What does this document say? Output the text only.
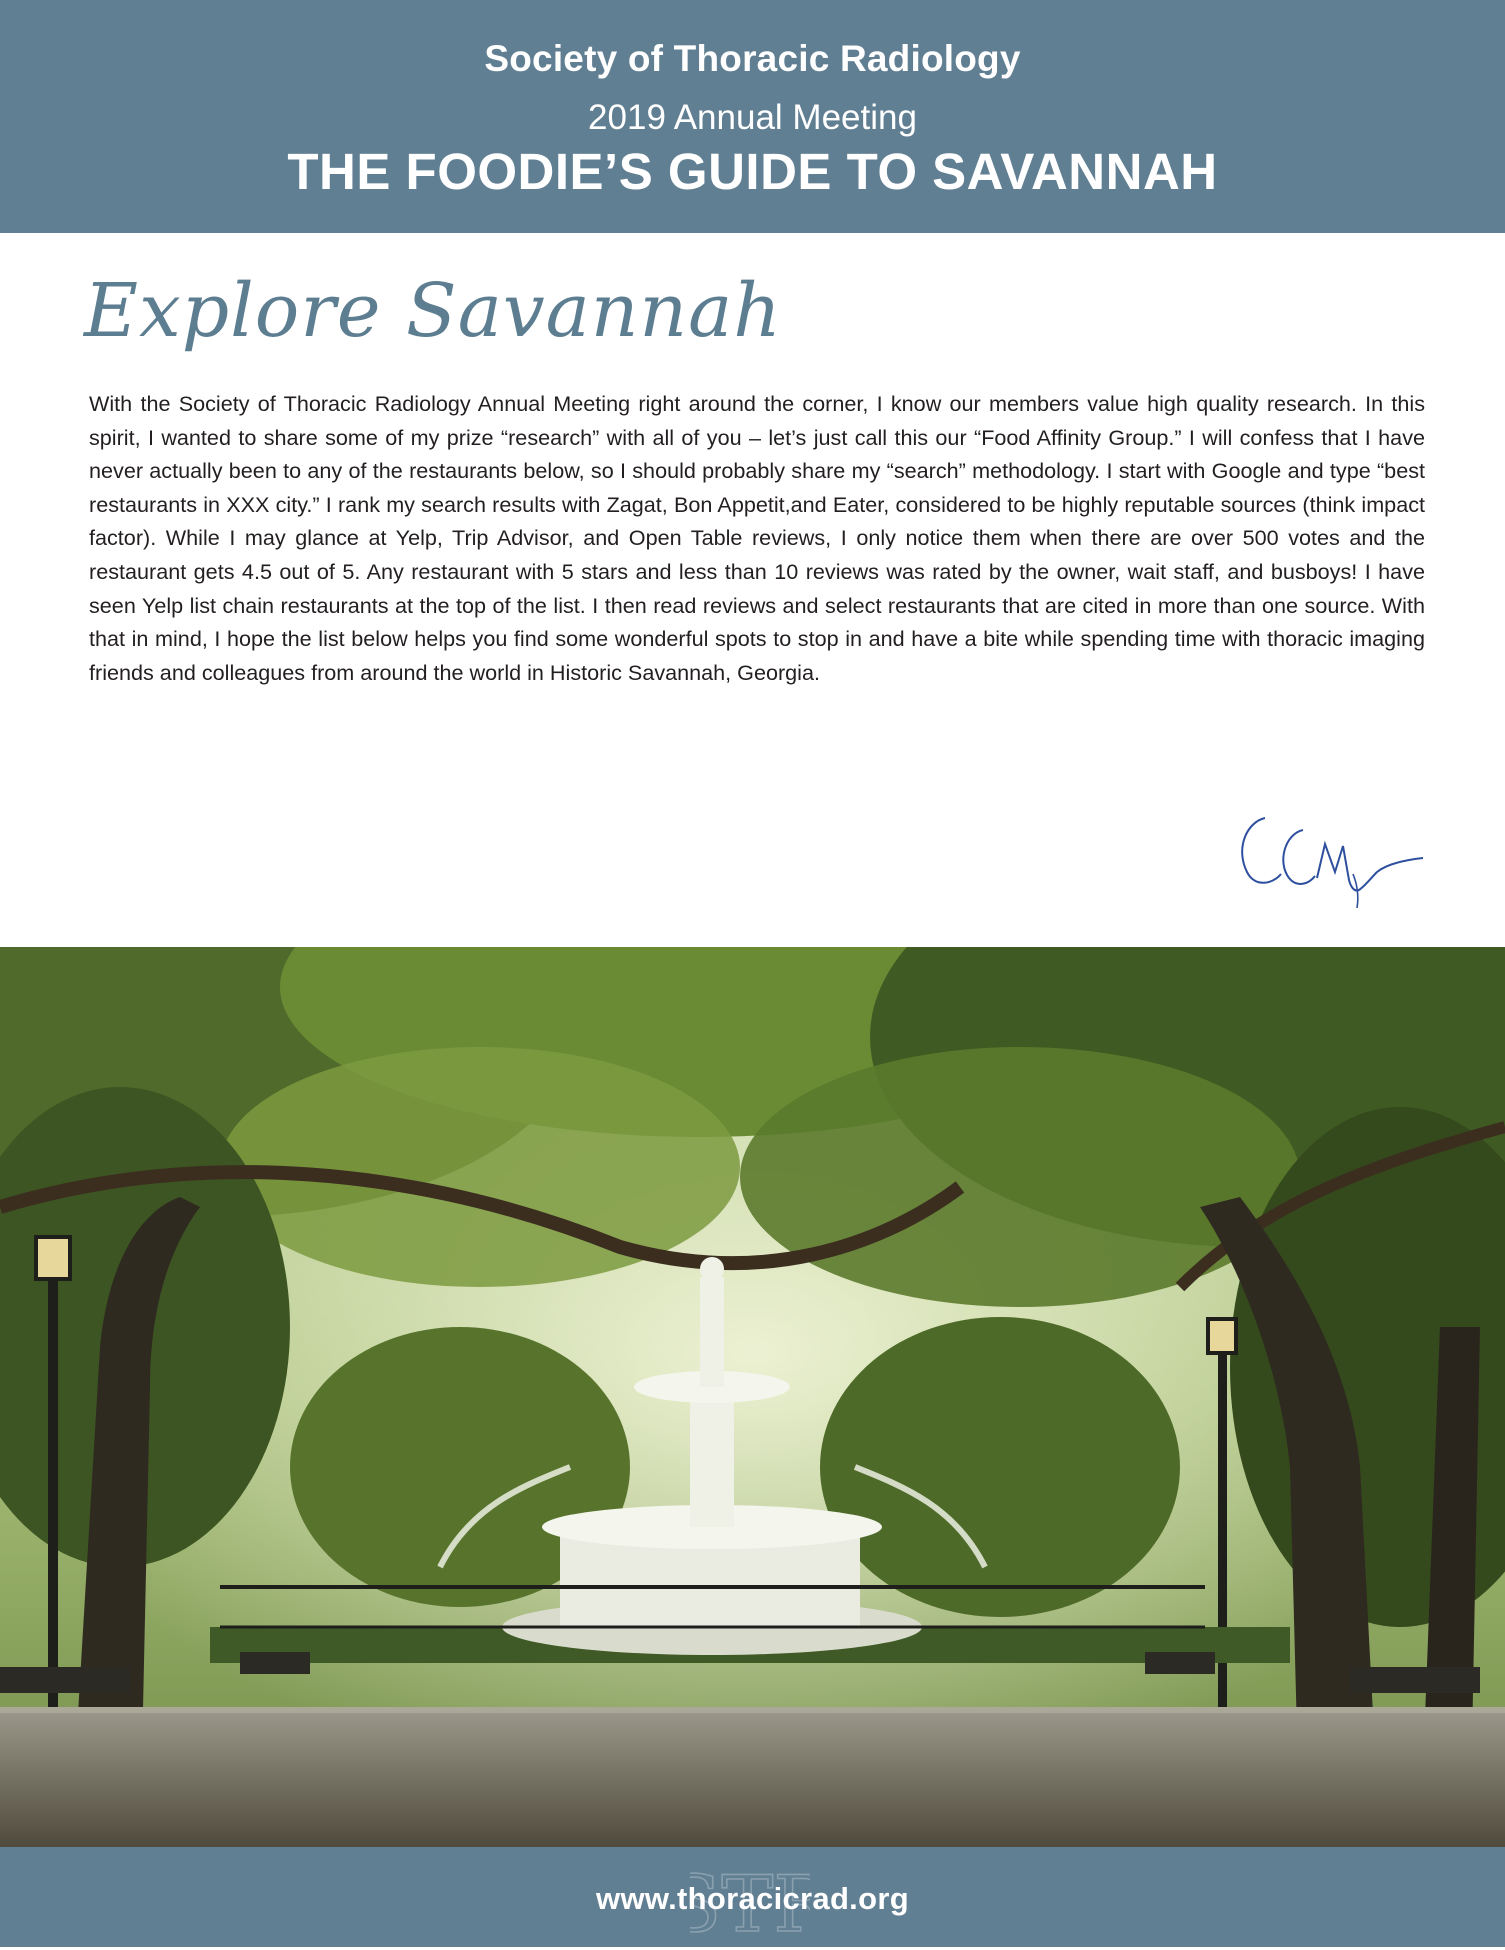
Society of Thoracic Radiology
2019 Annual Meeting
THE FOODIE’S GUIDE TO SAVANNAH
Explore Savannah
With the Society of Thoracic Radiology Annual Meeting right around the corner, I know our members value high quality research. In this spirit, I wanted to share some of my prize “research” with all of you – let’s just call this our “Food Affinity Group.” I will confess that I have never actually been to any of the restaurants below, so I should probably share my “search” methodology. I start with Google and type “best restaurants in XXX city.” I rank my search results with Zagat, Bon Appetit,and Eater, considered to be highly reputable sources (think impact factor). While I may glance at Yelp, Trip Advisor, and Open Table reviews, I only notice them when there are over 500 votes and the restaurant gets 4.5 out of 5. Any restaurant with 5 stars and less than 10 reviews was rated by the owner, wait staff, and busboys! I have seen Yelp list chain restaurants at the top of the list. I then read reviews and select restaurants that are cited in more than one source. With that in mind, I hope the list below helps you find some wonderful spots to stop in and have a bite while spending time with thoracic imaging friends and colleagues from around the world in Historic Savannah, Georgia.
STR
www.thoracicrad.org
